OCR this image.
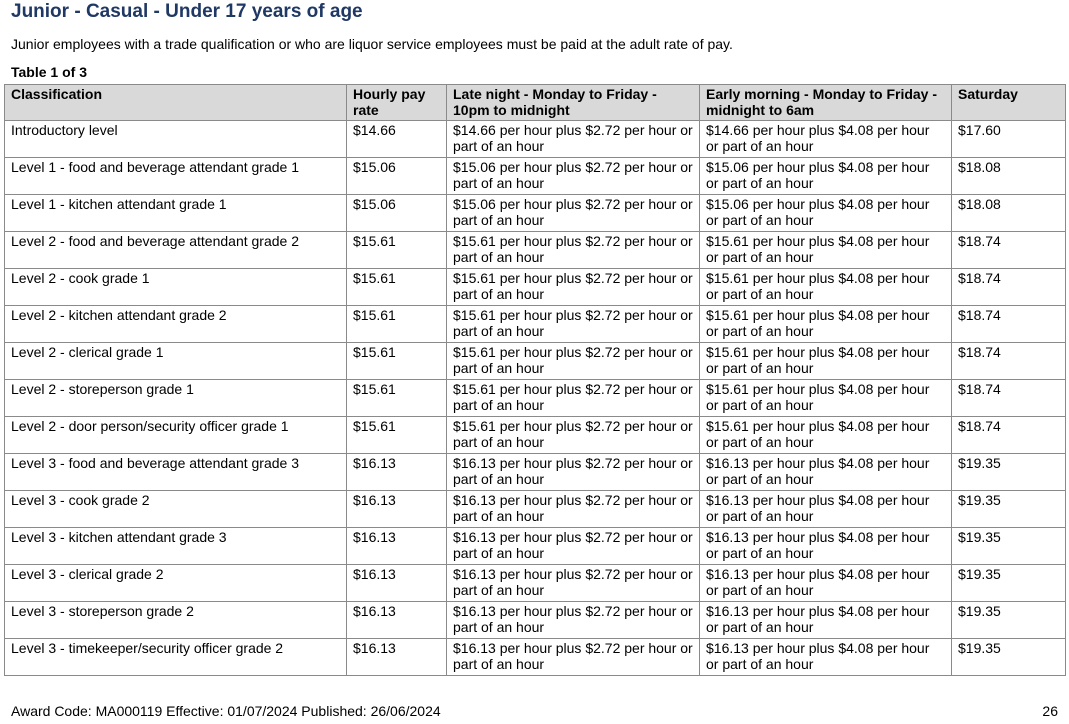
Junior - Casual - Under 17 years of age
Junior employees with a trade qualification or who are liquor service employees must be paid at the adult rate of pay.
Table 1 of 3
Classification	Hourly pay rate	Late night - Monday to Friday - 10pm to midnight	Early morning - Monday to Friday - midnight to 6am	Saturday
Introductory level	$14.66	$14.66 per hour plus $2.72 per hour or part of an hour	$14.66 per hour plus $4.08 per hour or part of an hour	$17.60
Level 1 - food and beverage attendant grade 1	$15.06	$15.06 per hour plus $2.72 per hour or part of an hour	$15.06 per hour plus $4.08 per hour or part of an hour	$18.08
Level 1 - kitchen attendant grade 1	$15.06	$15.06 per hour plus $2.72 per hour or part of an hour	$15.06 per hour plus $4.08 per hour or part of an hour	$18.08
Level 2 - food and beverage attendant grade 2	$15.61	$15.61 per hour plus $2.72 per hour or part of an hour	$15.61 per hour plus $4.08 per hour or part of an hour	$18.74
Level 2 - cook grade 1	$15.61	$15.61 per hour plus $2.72 per hour or part of an hour	$15.61 per hour plus $4.08 per hour or part of an hour	$18.74
Level 2 - kitchen attendant grade 2	$15.61	$15.61 per hour plus $2.72 per hour or part of an hour	$15.61 per hour plus $4.08 per hour or part of an hour	$18.74
Level 2 - clerical grade 1	$15.61	$15.61 per hour plus $2.72 per hour or part of an hour	$15.61 per hour plus $4.08 per hour or part of an hour	$18.74
Level 2 - storeperson grade 1	$15.61	$15.61 per hour plus $2.72 per hour or part of an hour	$15.61 per hour plus $4.08 per hour or part of an hour	$18.74
Level 2 - door person/security officer grade 1	$15.61	$15.61 per hour plus $2.72 per hour or part of an hour	$15.61 per hour plus $4.08 per hour or part of an hour	$18.74
Level 3 - food and beverage attendant grade 3	$16.13	$16.13 per hour plus $2.72 per hour or part of an hour	$16.13 per hour plus $4.08 per hour or part of an hour	$19.35
Level 3 - cook grade 2	$16.13	$16.13 per hour plus $2.72 per hour or part of an hour	$16.13 per hour plus $4.08 per hour or part of an hour	$19.35
Level 3 - kitchen attendant grade 3	$16.13	$16.13 per hour plus $2.72 per hour or part of an hour	$16.13 per hour plus $4.08 per hour or part of an hour	$19.35
Level 3 - clerical grade 2	$16.13	$16.13 per hour plus $2.72 per hour or part of an hour	$16.13 per hour plus $4.08 per hour or part of an hour	$19.35
Level 3 - storeperson grade 2	$16.13	$16.13 per hour plus $2.72 per hour or part of an hour	$16.13 per hour plus $4.08 per hour or part of an hour	$19.35
Level 3 - timekeeper/security officer grade 2	$16.13	$16.13 per hour plus $2.72 per hour or part of an hour	$16.13 per hour plus $4.08 per hour or part of an hour	$19.35
Award Code: MA000119 Effective: 01/07/2024 Published: 26/06/2024	26
